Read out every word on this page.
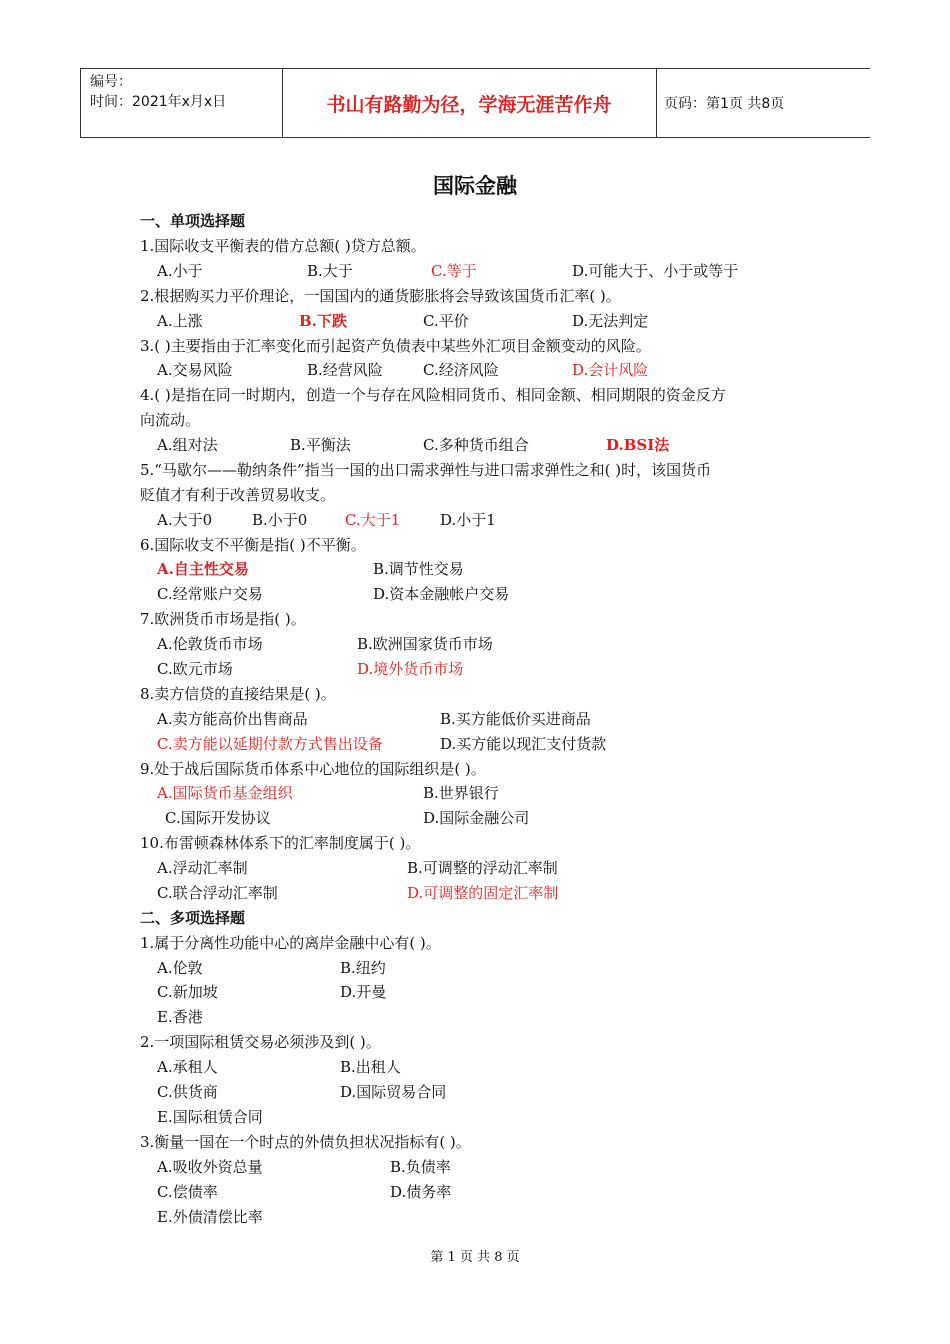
编号：
时间：2021年x月x日	书山有路勤为径，学海无涯苦作舟	页码：第1页 共8页
国际金融
一、单项选择题
1.国际收支平衡表的借方总额( )贷方总额。
A.小于	B.大于	C.等于	D.可能大于、小于或等于
2.根据购买力平价理论，一国国内的通货膨胀将会导致该国货币汇率( )。
A.上涨	B.下跌	C.平价	D.无法判定
3.( )主要指由于汇率变化而引起资产负债表中某些外汇项目金额变动的风险。
A.交易风险	B.经营风险	C.经济风险	D.会计风险
4.( )是指在同一时期内，创造一个与存在风险相同货币、相同金额、相同期限的资金反方
向流动。
A.组对法	B.平衡法	C.多种货币组合	D.BSI法
5.“马歇尔——勒纳条件”指当一国的出口需求弹性与进口需求弹性之和( )时，该国货币
贬值才有利于改善贸易收支。
A.大于0	B.小于0	C.大于1	D.小于1
6.国际收支不平衡是指( )不平衡。
A.自主性交易	B.调节性交易
C.经常账户交易	D.资本金融帐户交易
7.欧洲货币市场是指( )。
A.伦敦货币市场	B.欧洲国家货币市场
C.欧元市场	D.境外货币市场
8.卖方信贷的直接结果是( )。
A.卖方能高价出售商品	B.买方能低价买进商品
C.卖方能以延期付款方式售出设备	D.买方能以现汇支付货款
9.处于战后国际货币体系中心地位的国际组织是( )。
A.国际货币基金组织	B.世界银行
C.国际开发协议	D.国际金融公司
10.布雷顿森林体系下的汇率制度属于( )。
A.浮动汇率制	B.可调整的浮动汇率制
C.联合浮动汇率制	D.可调整的固定汇率制
二、多项选择题
1.属于分离性功能中心的离岸金融中心有( )。
A.伦敦	B.纽约
C.新加坡	D.开曼
E.香港
2.一项国际租赁交易必须涉及到( )。
A.承租人	B.出租人
C.供货商	D.国际贸易合同
E.国际租赁合同
3.衡量一国在一个时点的外债负担状况指标有( )。
A.吸收外资总量	B.负债率
C.偿债率	D.债务率
E.外债清偿比率
第 1 页 共 8 页
